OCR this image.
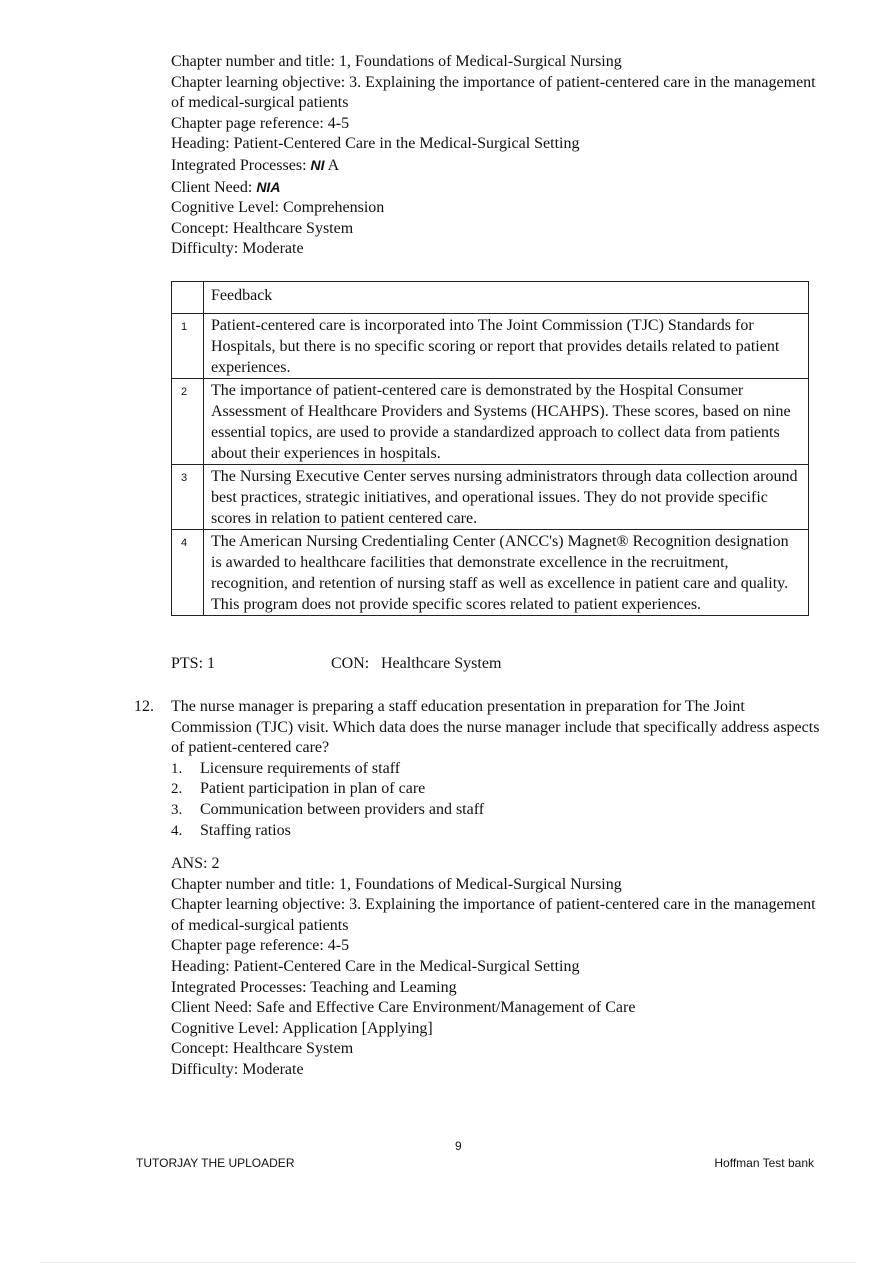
Chapter number and title: 1, Foundations of Medical-Surgical Nursing
Chapter learning objective: 3. Explaining the importance of patient-centered care in the management of medical-surgical patients
Chapter page reference: 4-5
Heading: Patient-Centered Care in the Medical-Surgical Setting
Integrated Processes: NI A
Client Need: NIA
Cognitive Level: Comprehension
Concept: Healthcare System
Difficulty: Moderate
	Feedback
1	Patient-centered care is incorporated into The Joint Commission (TJC) Standards for Hospitals, but there is no specific scoring or report that provides details related to patient experiences.
2	The importance of patient-centered care is demonstrated by the Hospital Consumer Assessment of Healthcare Providers and Systems (HCAHPS). These scores, based on nine essential topics, are used to provide a standardized approach to collect data from patients about their experiences in hospitals.
3	The Nursing Executive Center serves nursing administrators through data collection around best practices, strategic initiatives, and operational issues. They do not provide specific scores in relation to patient centered care.
4	The American Nursing Credentialing Center (ANCC's) Magnet® Recognition designation is awarded to healthcare facilities that demonstrate excellence in the recruitment, recognition, and retention of nursing staff as well as excellence in patient care and quality. This program does not provide specific scores related to patient experiences.
PTS: 1	CON: Healthcare System
12. The nurse manager is preparing a staff education presentation in preparation for The Joint Commission (TJC) visit. Which data does the nurse manager include that specifically address aspects of patient-centered care?
1. Licensure requirements of staff
2. Patient participation in plan of care
3. Communication between providers and staff
4. Staffing ratios
ANS: 2
Chapter number and title: 1, Foundations of Medical-Surgical Nursing
Chapter learning objective: 3. Explaining the importance of patient-centered care in the management of medical-surgical patients
Chapter page reference: 4-5
Heading: Patient-Centered Care in the Medical-Surgical Setting
Integrated Processes: Teaching and Leaming
Client Need: Safe and Effective Care Environment/Management of Care
Cognitive Level: Application [Applying]
Concept: Healthcare System
Difficulty: Moderate
9
TUTORJAY THE UPLOADER	Hoffman Test bank
